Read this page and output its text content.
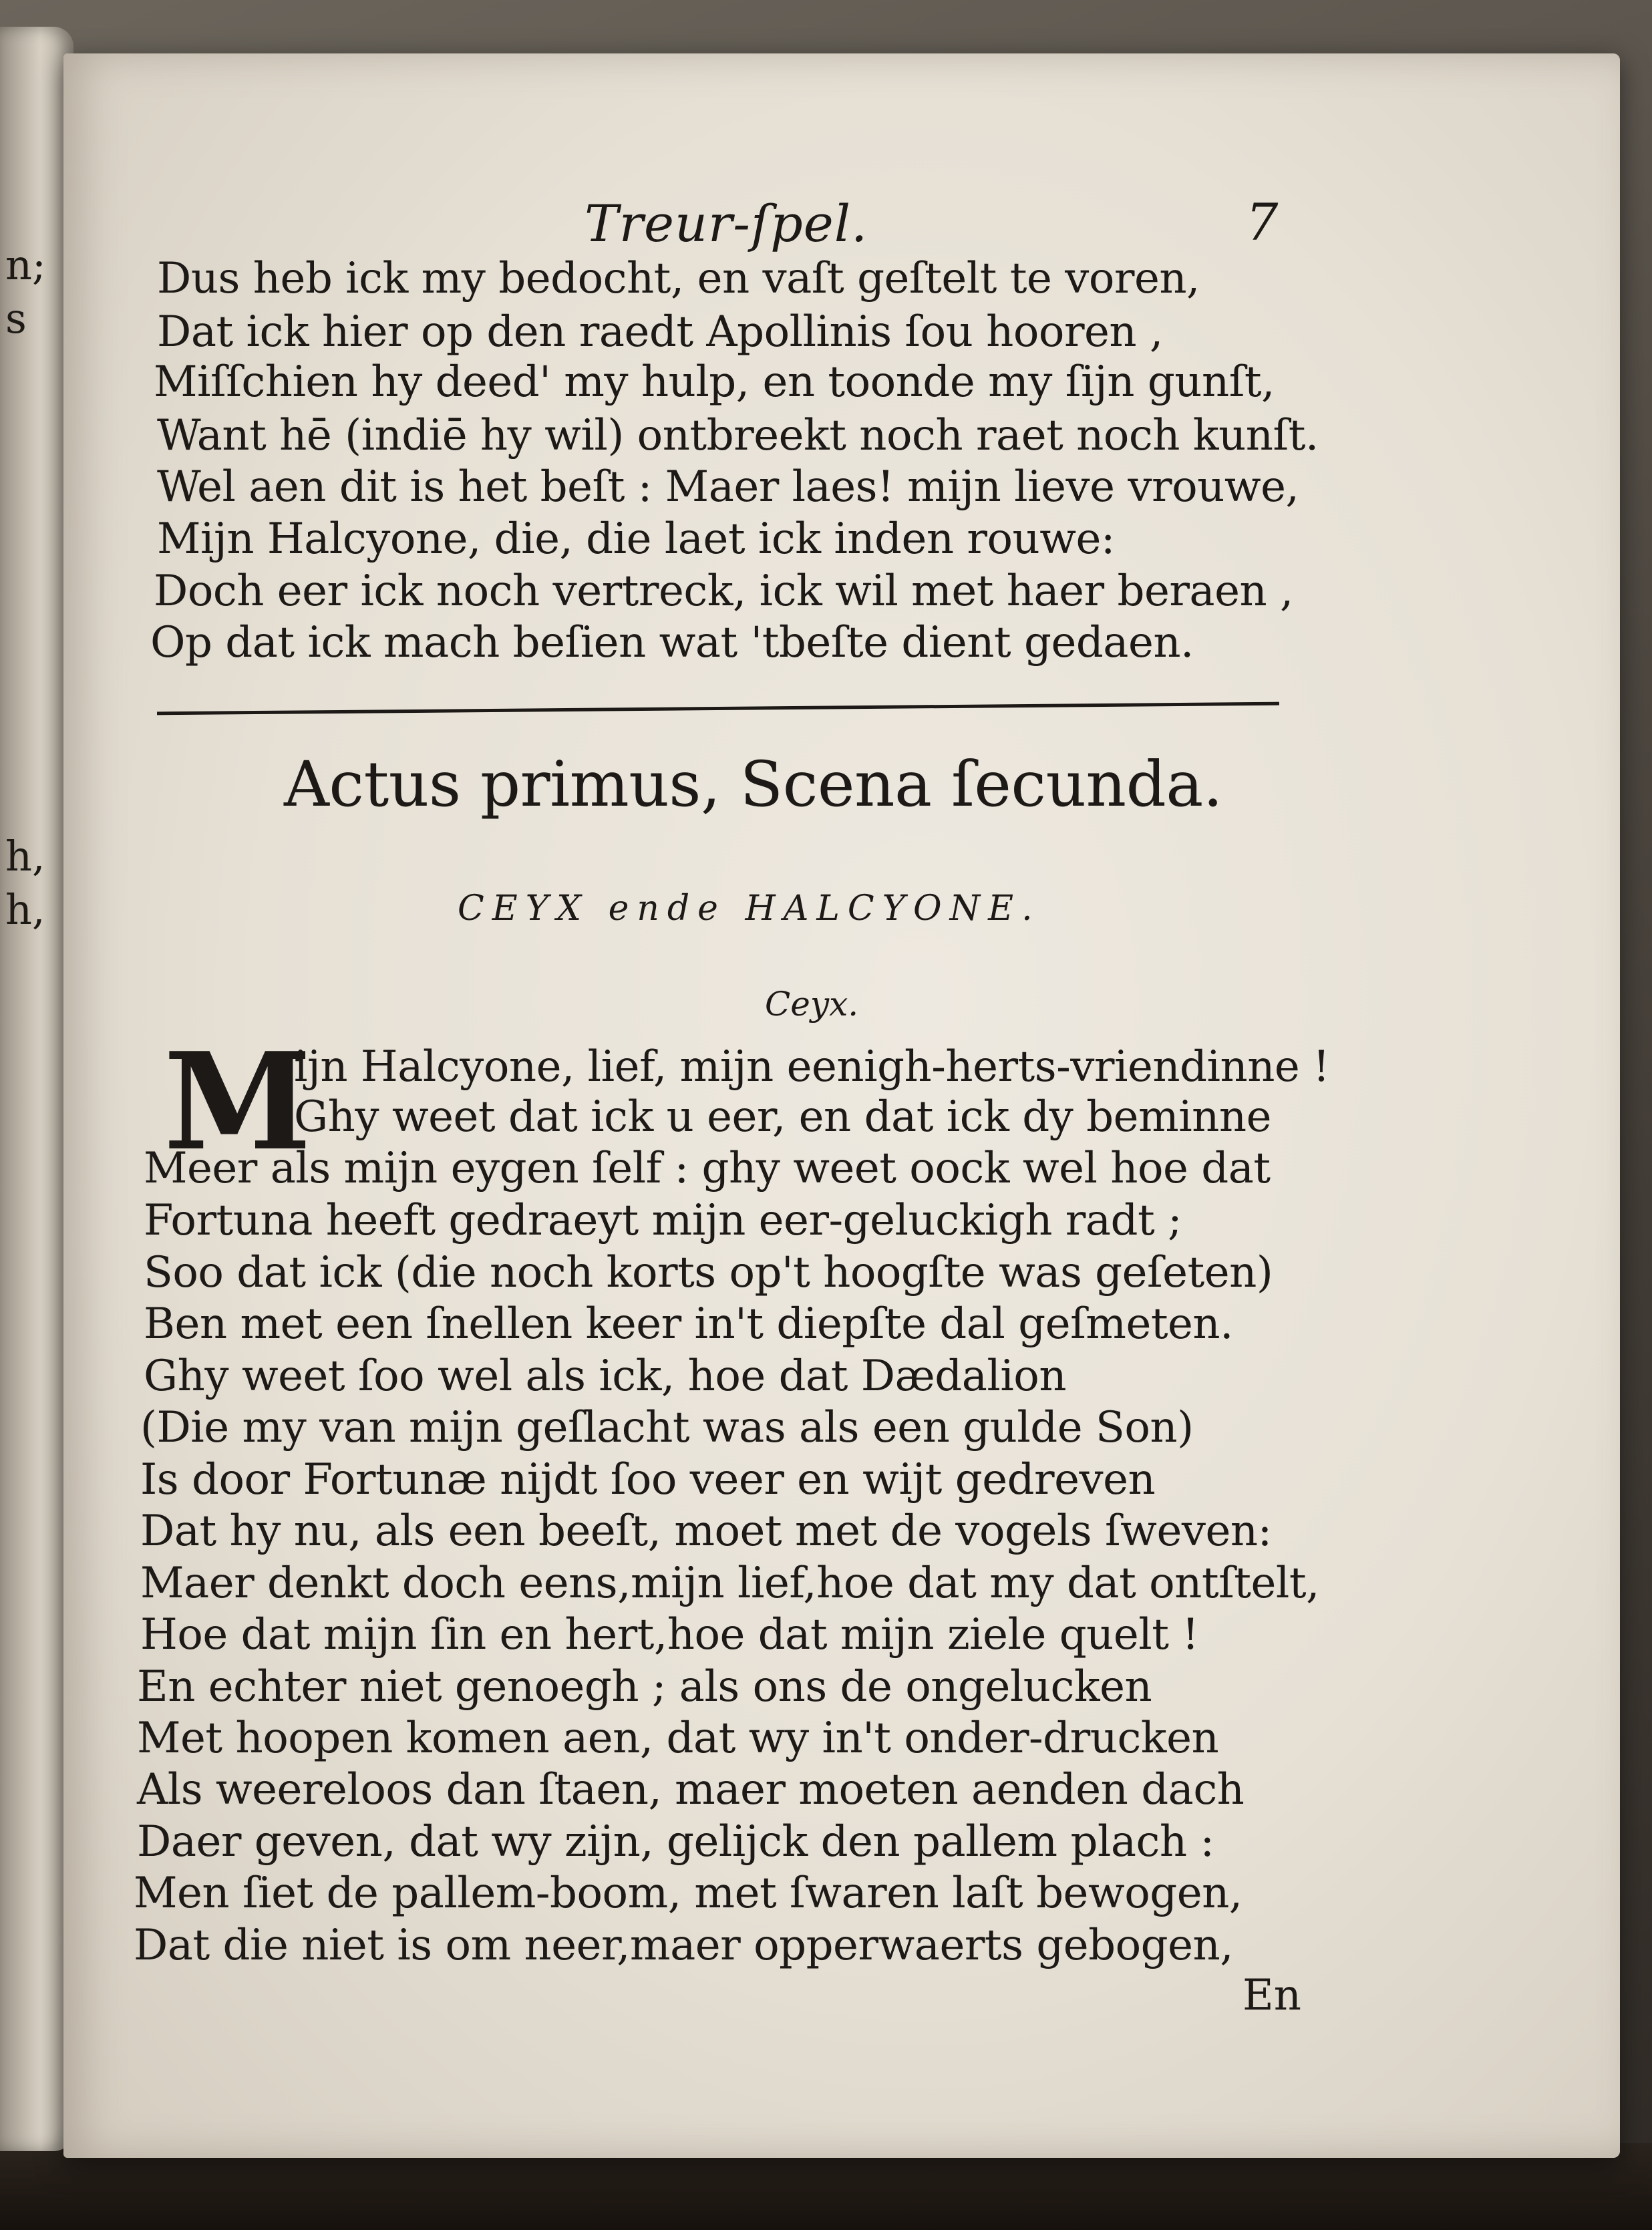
n;
s
h,
h,
Treur-ſpel.	7
Dus heb ick my bedocht, en vaſt geſtelt te voren,
Dat ick hier op den raedt Apollinis ſou hooren ,
Miſſchien hy deed' my hulp, en toonde my ſijn gunſt,
Want hē (indiē hy wil) ontbreekt noch raet noch kunſt.
Wel aen dit is het beſt : Maer laes! mijn lieve vrouwe,
Mijn Halcyone, die, die laet ick inden rouwe:
Doch eer ick noch vertreck, ick wil met haer beraen ,
Op dat ick mach beſien wat 'tbeſte dient gedaen.
Actus primus, Scena ſecunda.
CEYX ende HALCYONE.
Ceyx.
M
ijn Halcyone, lief, mijn eenigh-herts-vriendinne !
Ghy weet dat ick u eer, en dat ick dy beminne
Meer als mijn eygen ſelf : ghy weet oock wel hoe dat
Fortuna heeft gedraeyt mijn eer-geluckigh radt ;
Soo dat ick (die noch korts op't hoogſte was geſeten)
Ben met een ſnellen keer in't diepſte dal geſmeten.
Ghy weet ſoo wel als ick, hoe dat Dædalion
(Die my van mijn geſlacht was als een gulde Son)
Is door Fortunæ nijdt ſoo veer en wijt gedreven
Dat hy nu, als een beeſt, moet met de vogels ſweven:
Maer denkt doch eens,mijn lief,hoe dat my dat ontſtelt,
Hoe dat mijn ſin en hert,hoe dat mijn ziele quelt !
En echter niet genoegh ; als ons de ongelucken
Met hoopen komen aen, dat wy in't onder-drucken
Als weereloos dan ſtaen, maer moeten aenden dach
Daer geven, dat wy zijn, gelijck den pallem plach :
Men ſiet de pallem-boom, met ſwaren laſt bewogen,
Dat die niet is om neer,maer opperwaerts gebogen,
En
